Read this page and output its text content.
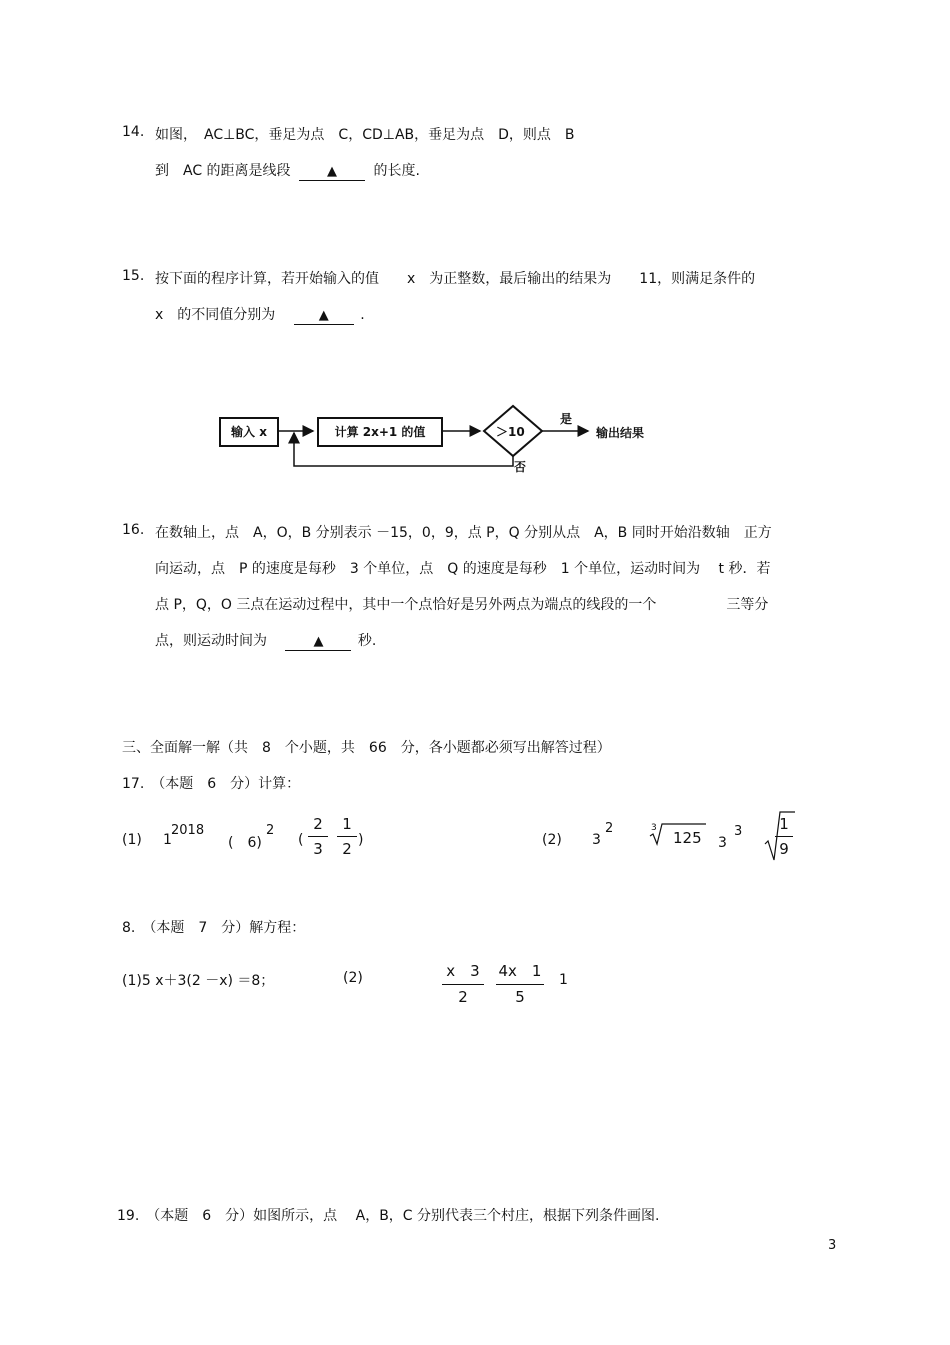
14. 如图，　AC⊥BC，垂足为点　C，CD⊥AB，垂足为点　D，则点　B
到　AC 的距离是线段	▲	的长度.
15. 按下面的程序计算，若开始输入的值　　x　为正整数，最后输出的结果为　　11，则满足条件的
x　的不同值分别为	▲ .
输入 x	计算 2x+1 的值	＞10
是
输出结果
否
16. 在数轴上，点　A，O，B 分别表示 －15，0，9，点 P，Q 分别从点　A，B 同时开始沿数轴　正方
向运动，点　P 的速度是每秒　3 个单位，点　Q 的速度是每秒　1 个单位，运动时间为　 t 秒．若
点 P，Q，O 三点在运动过程中，其中一个点恰好是另外两点为端点的线段的一个　　　　　三等分
点，则运动时间为	▲ 秒.
三、全面解一解（共　8　个小题，共　66　分，各小题都必须写出解答过程）
17.　（本题　6　分）计算：
(1) 1
2018
(　6)
2
(
2
3
1
2 )	(2) 3
2	3
125 3
3 1
9
8.　（本题　7　分）解方程：
(1)5 x＋3(2 －x) ＝8；	(2)	x　3
2
4x　1
5
1
19.　（本题　6　分）如图所示，点　 A，B，C 分别代表三个村庄，根据下列条件画图.
3
